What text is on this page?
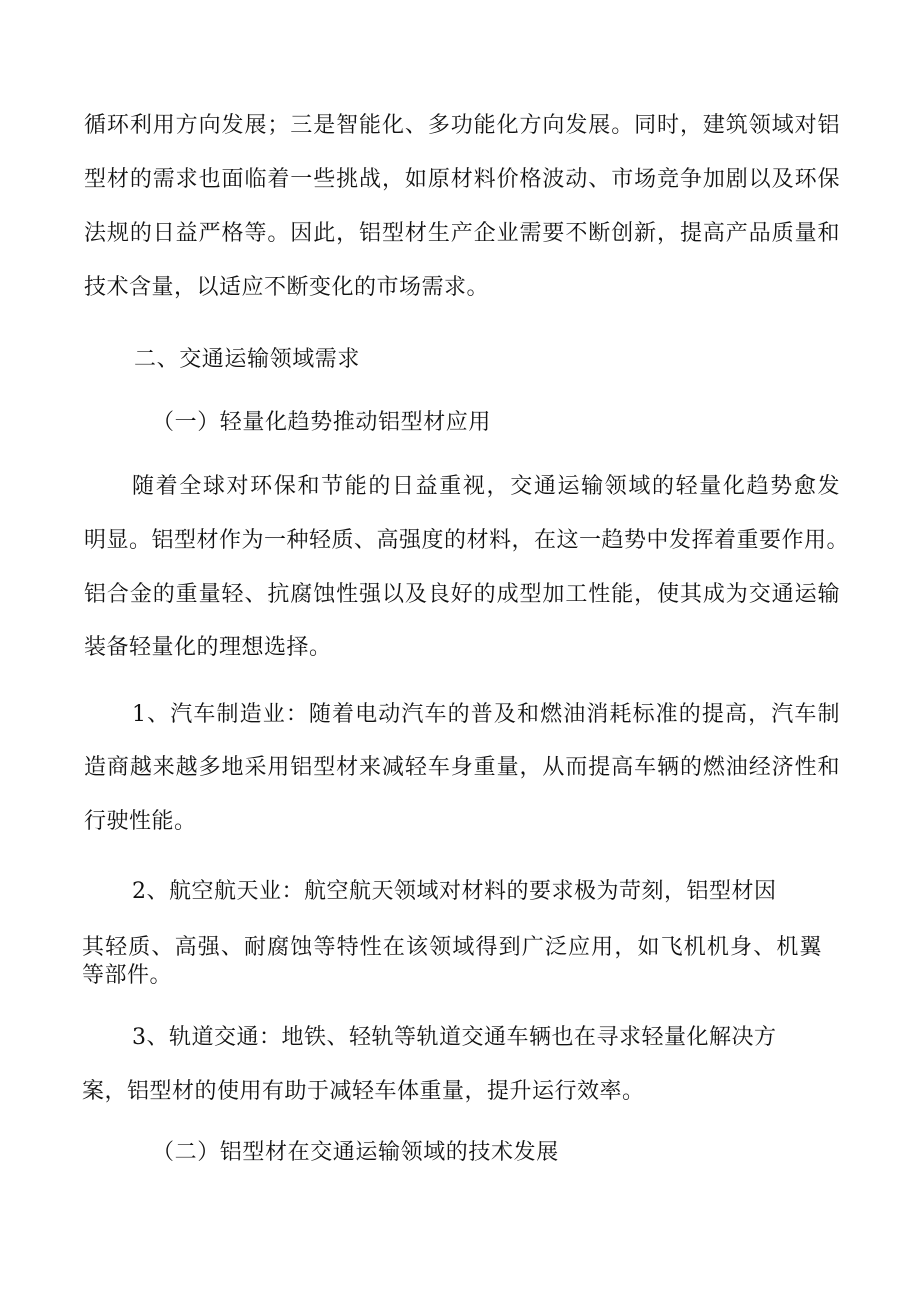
循环利用方向发展；三是智能化、多功能化方向发展。同时，建筑领域对铝
型材的需求也面临着一些挑战，如原材料价格波动、市场竞争加剧以及环保
法规的日益严格等。因此，铝型材生产企业需要不断创新，提高产品质量和
技术含量，以适应不断变化的市场需求。
二、交通运输领域需求
（一）轻量化趋势推动铝型材应用
随着全球对环保和节能的日益重视，交通运输领域的轻量化趋势愈发
明显。铝型材作为一种轻质、高强度的材料，在这一趋势中发挥着重要作用。
铝合金的重量轻、抗腐蚀性强以及良好的成型加工性能，使其成为交通运输
装备轻量化的理想选择。
1、汽车制造业：随着电动汽车的普及和燃油消耗标准的提高，汽车制
造商越来越多地采用铝型材来减轻车身重量，从而提高车辆的燃油经济性和
行驶性能。
2、航空航天业：航空航天领域对材料的要求极为苛刻，铝型材因
其轻质、高强、耐腐蚀等特性在该领域得到广泛应用，如飞机机身、机翼
等部件。
3、轨道交通：地铁、轻轨等轨道交通车辆也在寻求轻量化解决方
案，铝型材的使用有助于减轻车体重量，提升运行效率。
（二）铝型材在交通运输领域的技术发展
